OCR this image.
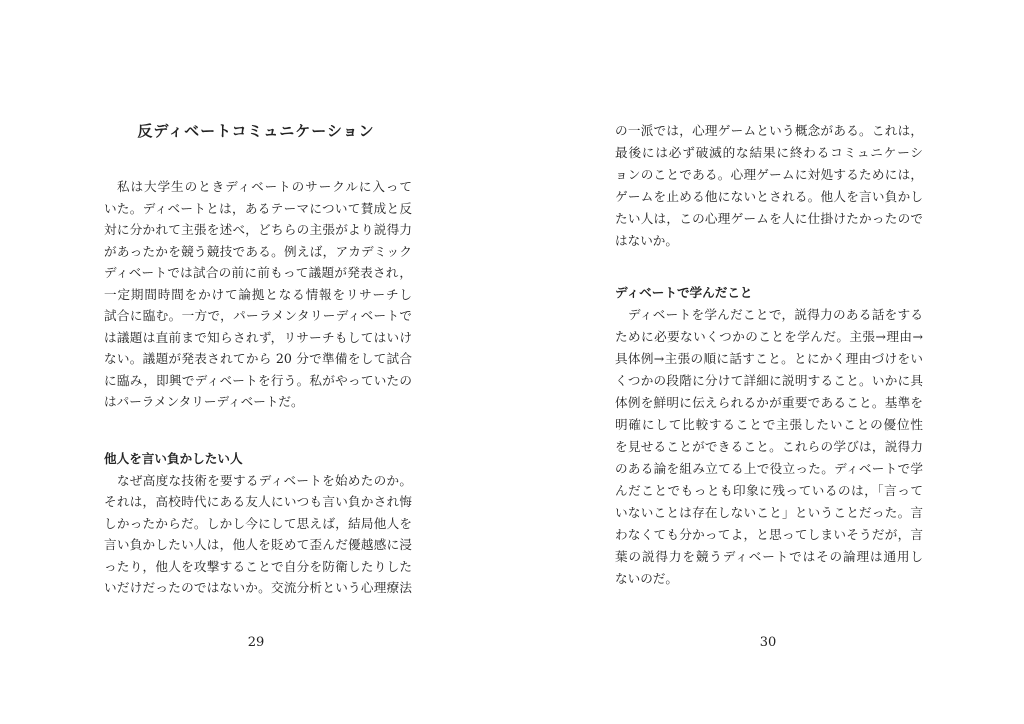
反ディベートコミュニケーション
私は大学生のときディベートのサークルに入って
いた。ディベートとは，あるテーマについて賛成と反
対に分かれて主張を述べ，どちらの主張がより説得力
があったかを競う競技である。例えば，アカデミック
ディベートでは試合の前に前もって議題が発表され，
一定期間時間をかけて論拠となる情報をリサーチし
試合に臨む。一方で，パーラメンタリーディベートで
は議題は直前まで知らされず，リサーチもしてはいけ
ない。議題が発表されてから 20 分で準備をして試合
に臨み，即興でディベートを行う。私がやっていたの
はパーラメンタリーディベートだ。
他人を言い負かしたい人
なぜ高度な技術を要するディベートを始めたのか。
それは，高校時代にある友人にいつも言い負かされ悔
しかったからだ。しかし今にして思えば，結局他人を
言い負かしたい人は，他人を貶めて歪んだ優越感に浸
ったり，他人を攻撃することで自分を防衛したりした
いだけだったのではないか。交流分析という心理療法
29
の一派では，心理ゲームという概念がある。これは，
最後には必ず破滅的な結果に終わるコミュニケーシ
ョンのことである。心理ゲームに対処するためには，
ゲームを止める他にないとされる。他人を言い負かし
たい人は，この心理ゲームを人に仕掛けたかったので
はないか。
ディベートで学んだこと
ディベートを学んだことで，説得力のある話をする
ために必要ないくつかのことを学んだ。主張→理由→
具体例→主張の順に話すこと。とにかく理由づけをい
くつかの段階に分けて詳細に説明すること。いかに具
体例を鮮明に伝えられるかが重要であること。基準を
明確にして比較することで主張したいことの優位性
を見せることができること。これらの学びは，説得力
のある論を組み立てる上で役立った。ディベートで学
んだことでもっとも印象に残っているのは，「言って
いないことは存在しないこと」ということだった。言
わなくても分かってよ，と思ってしまいそうだが，言
葉の説得力を競うディベートではその論理は通用し
ないのだ。
30
